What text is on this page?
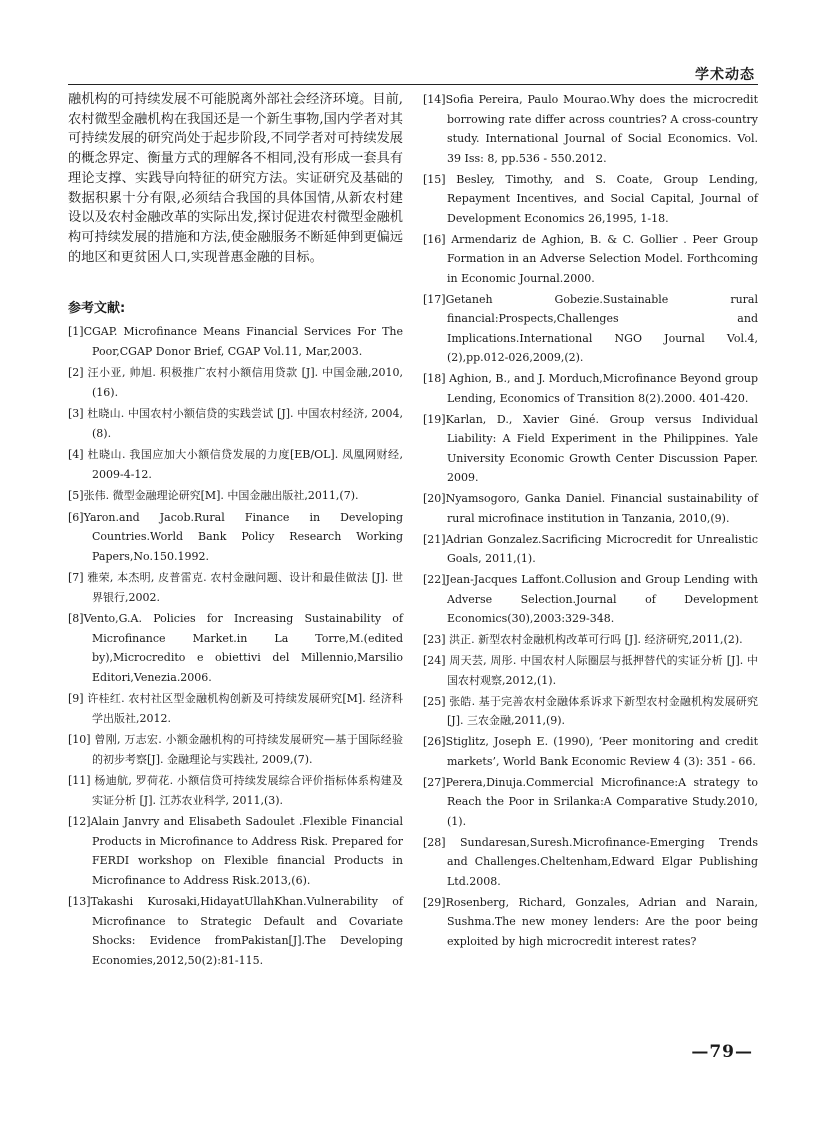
学术动态

融机构的可持续发展不可能脱离外部社会经济环境。目前,农村微型金融机构在我国还是一个新生事物,国内学者对其可持续发展的研究尚处于起步阶段,不同学者对可持续发展的概念界定、衡量方式的理解各不相同,没有形成一套具有理论支撑、实践导向特征的研究方法。实证研究及基础的数据积累十分有限,必须结合我国的具体国情,从新农村建设以及农村金融改革的实际出发,探讨促进农村微型金融机构可持续发展的措施和方法,使金融服务不断延伸到更偏远的地区和更贫困人口,实现普惠金融的目标。

参考文献:
[1]CGAP. Microfinance Means Financial Services For The Poor,CGAP Donor Brief, CGAP Vol.11, Mar,2003.
[2] 汪小亚, 帅旭. 积极推广农村小额信用贷款 [J]. 中国金融,2010,(16).
[3] 杜晓山. 中国农村小额信贷的实践尝试 [J]. 中国农村经济, 2004,(8).
[4] 杜晓山. 我国应加大小额信贷发展的力度[EB/OL]. 凤凰网财经, 2009-4-12.
[5]张伟. 微型金融理论研究[M]. 中国金融出版社,2011,(7).
[6]Yaron.and Jacob.Rural Finance in Developing Countries.World Bank Policy Research Working Papers,No.150.1992.
[7] 雅荣, 本杰明, 皮普雷克. 农村金融问题、设计和最佳做法 [J]. 世界银行,2002.
[8]Vento,G.A. Policies for Increasing Sustainability of Microfinance Market.in La Torre,M.(edited by),Microcredito e obiettivi del Millennio,Marsilio Editori,Venezia.2006.
[9] 许桂红. 农村社区型金融机构创新及可持续发展研究[M]. 经济科学出版社,2012.
[10] 曾刚, 万志宏. 小额金融机构的可持续发展研究—基于国际经验的初步考察[J]. 金融理论与实践社, 2009,(7).
[11] 杨迪航, 罗荷花. 小额信贷可持续发展综合评价指标体系构建及实证分析 [J]. 江苏农业科学, 2011,(3).
[12]Alain Janvry and Elisabeth Sadoulet .Flexible Financial Products in Microfinance to Address Risk. Prepared for FERDI workshop on Flexible financial Products in Microfinance to Address Risk.2013,(6).
[13]Takashi Kurosaki,HidayatUllahKhan.Vulnerability of Microfinance to Strategic Default and Covariate Shocks: Evidence fromPakistan[J].The Developing Economies,2012,50(2):81-115.
[14]Sofia Pereira, Paulo Mourao.Why does the microcredit borrowing rate differ across countries? A cross-country study. International Journal of Social Economics. Vol. 39 Iss: 8, pp.536 - 550.2012.
[15] Besley, Timothy, and S. Coate, Group Lending, Repayment Incentives, and Social Capital, Journal of Development Economics 26,1995, 1-18.
[16] Armendariz de Aghion, B. & C. Gollier . Peer Group Formation in an Adverse Selection Model. Forthcoming in Economic Journal.2000.
[17]Getaneh Gobezie.Sustainable rural financial:Prospects,Challenges and Implications.International NGO Journal Vol.4,(2),pp.012-026,2009,(2).
[18] Aghion, B., and J. Morduch,Microfinance Beyond group Lending, Economics of Transition 8(2).2000. 401-420.
[19]Karlan, D., Xavier Giné. Group versus Individual Liability: A Field Experiment in the Philippines. Yale University Economic Growth Center Discussion Paper. 2009.
[20]Nyamsogoro, Ganka Daniel. Financial sustainability of rural microfinace institution in Tanzania, 2010,(9).
[21]Adrian Gonzalez.Sacrificing Microcredit for Unrealistic Goals, 2011,(1).
[22]Jean-Jacques Laffont.Collusion and Group Lending with Adverse Selection.Journal of Development Economics(30),2003:329-348.
[23] 洪正. 新型农村金融机构改革可行吗 [J]. 经济研究,2011,(2).
[24] 周天芸, 周彤. 中国农村人际圈层与抵押替代的实证分析 [J]. 中国农村观察,2012,(1).
[25] 张皓. 基于完善农村金融体系诉求下新型农村金融机构发展研究 [J]. 三农金融,2011,(9).
[26]Stiglitz, Joseph E. (1990), ‘Peer monitoring and credit markets’, World Bank Economic Review 4 (3): 351 - 66.
[27]Perera,Dinuja.Commercial Microfinance:A strategy to Reach the Poor in Srilanka:A Comparative Study.2010,(1).
[28] Sundaresan,Suresh.Microfinance-Emerging Trends and Challenges.Cheltenham,Edward Elgar Publishing Ltd.2008.
[29]Rosenberg, Richard, Gonzales, Adrian and Narain, Sushma.The new money lenders: Are the poor being exploited by high microcredit interest rates?
—79—
